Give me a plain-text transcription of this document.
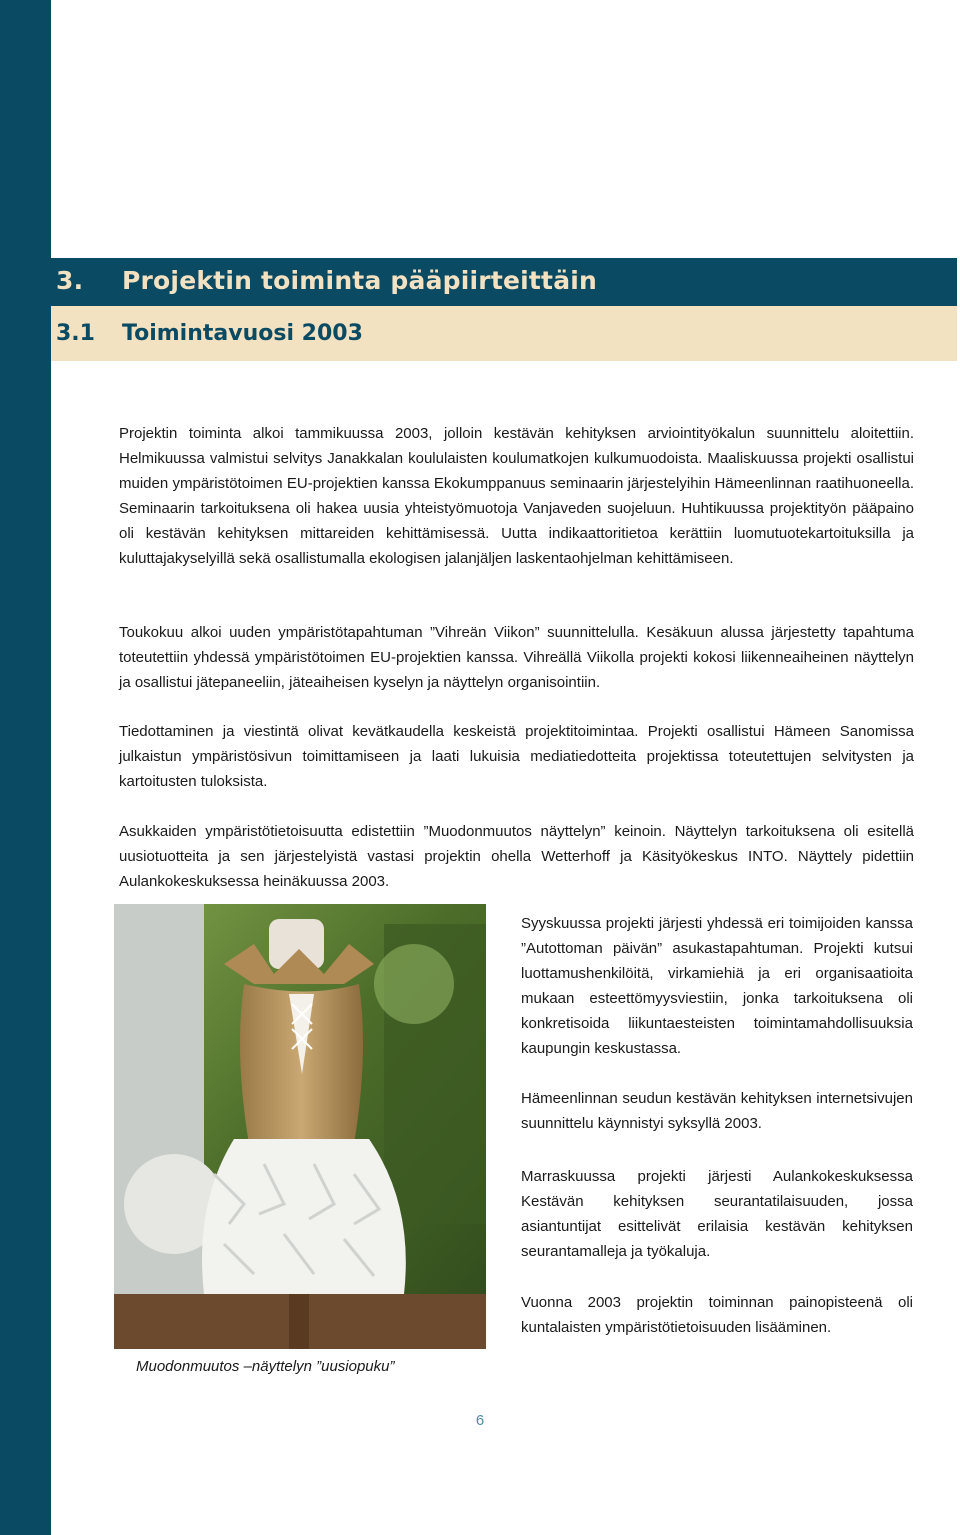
3. Projektin toiminta pääpiirteittäin
3.1 Toimintavuosi 2003

Projektin toiminta alkoi tammikuussa 2003, jolloin kestävän kehityksen arviointityökalun suunnittelu aloitettiin. Helmikuussa valmistui selvitys Janakkalan koululaisten koulumatkojen kulkumuodoista. Maaliskuussa projekti osallistui muiden ympäristötoimen EU-projektien kanssa Ekokumppanuus seminaarin järjestelyihin Hämeenlinnan raatihuoneella. Seminaarin tarkoituksena oli hakea uusia yhteistyömuotoja Vanjaveden suojeluun. Huhtikuussa projektityön pääpaino oli kestävän kehityksen mittareiden kehittämisessä. Uutta indikaattoritietoa kerättiin luomutuotekartoituksilla ja kuluttajakyselyillä sekä osallistumalla ekologisen jalanjäljen laskentaohjelman kehittämiseen.

Toukokuu alkoi uuden ympäristötapahtuman ”Vihreän Viikon” suunnittelulla. Kesäkuun alussa järjestetty tapahtuma toteutettiin yhdessä ympäristötoimen EU-projektien kanssa. Vihreällä Viikolla projekti kokosi liikenneaiheinen näyttelyn ja osallistui jätepaneeliin, jäteaiheisen kyselyn ja näyttelyn organisointiin.

Tiedottaminen ja viestintä olivat kevätkaudella keskeistä projektitoimintaa. Projekti osallistui Hämeen Sanomissa julkaistun ympäristösivun toimittamiseen ja laati lukuisia mediatiedotteita projektissa toteutettujen selvitysten ja kartoitusten tuloksista.

Asukkaiden ympäristötietoisuutta edistettiin ”Muodonmuutos näyttelyn” keinoin. Näyttelyn tarkoituksena oli esitellä uusiotuotteita ja sen järjestelyistä vastasi projektin ohella Wetterhoff ja Käsityökeskus INTO. Näyttely pidettiin Aulankokeskuksessa heinäkuussa 2003.

Muodonmuutos –näyttelyn ”uusiopuku”

Syyskuussa projekti järjesti yhdessä eri toimijoiden kanssa ”Autottoman päivän” asukastapahtuman. Projekti kutsui luottamushenkilöitä, virkamiehiä ja eri organisaatioita mukaan esteettömyysviestiin, jonka tarkoituksena oli konkretisoida liikuntaesteisten toimintamahdollisuuksia kaupungin keskustassa.

Hämeenlinnan seudun kestävän kehityksen internetsivujen suunnittelu käynnistyi syksyllä 2003.

Marraskuussa projekti järjesti Aulankokeskuksessa Kestävän kehityksen seurantatilaisuuden, jossa asiantuntijat esittelivät erilaisia kestävän kehityksen seurantamalleja ja työkaluja.

Vuonna 2003 projektin toiminnan painopisteenä oli kuntalaisten ympäristötietoisuuden lisääminen.

6
